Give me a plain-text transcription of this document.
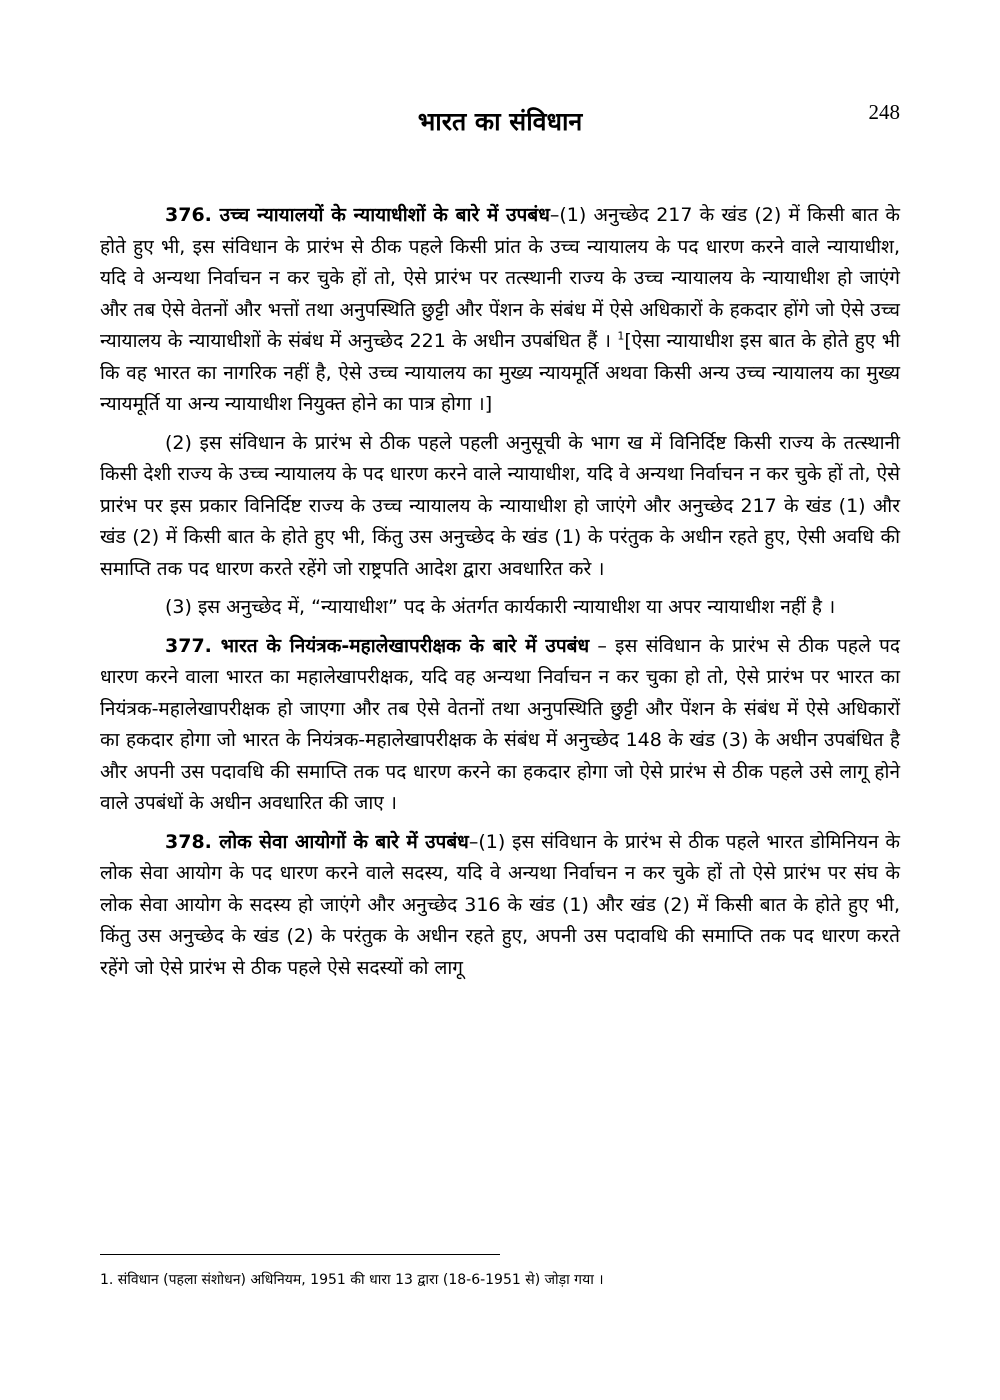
भारत का संविधान	248

376. उच्च न्यायालयों के न्यायाधीशों के बारे में उपबंध–(1) अनुच्छेद 217 के खंड (2) में किसी बात के होते हुए भी, इस संविधान के प्रारंभ से ठीक पहले किसी प्रांत के उच्च न्यायालय के पद धारण करने वाले न्यायाधीश, यदि वे अन्यथा निर्वाचन न कर चुके हों तो, ऐसे प्रारंभ पर तत्स्थानी राज्य के उच्च न्यायालय के न्यायाधीश हो जाएंगे और तब ऐसे वेतनों और भत्तों तथा अनुपस्थिति छुट्टी और पेंशन के संबंध में ऐसे अधिकारों के हकदार होंगे जो ऐसे उच्च न्यायालय के न्यायाधीशों के संबंध में अनुच्छेद 221 के अधीन उपबंधित हैं । $^1$[ऐसा न्यायाधीश इस बात के होते हुए भी कि वह भारत का नागरिक नहीं है, ऐसे उच्च न्यायालय का मुख्य न्यायमूर्ति अथवा किसी अन्य उच्च न्यायालय का मुख्य न्यायमूर्ति या अन्य न्यायाधीश नियुक्त होने का पात्र होगा ।]

(2) इस संविधान के प्रारंभ से ठीक पहले पहली अनुसूची के भाग ख में विनिर्दिष्ट किसी राज्य के तत्स्थानी किसी देशी राज्य के उच्च न्यायालय के पद धारण करने वाले न्यायाधीश, यदि वे अन्यथा निर्वाचन न कर चुके हों तो, ऐसे प्रारंभ पर इस प्रकार विनिर्दिष्ट राज्य के उच्च न्यायालय के न्यायाधीश हो जाएंगे और अनुच्छेद 217 के खंड (1) और खंड (2) में किसी बात के होते हुए भी, किंतु उस अनुच्छेद के खंड (1) के परंतुक के अधीन रहते हुए, ऐसी अवधि की समाप्ति तक पद धारण करते रहेंगे जो राष्ट्रपति आदेश द्वारा अवधारित करे ।

(3) इस अनुच्छेद में, “न्यायाधीश” पद के अंतर्गत कार्यकारी न्यायाधीश या अपर न्यायाधीश नहीं है ।

377. भारत के नियंत्रक-महालेखापरीक्षक के बारे में उपबंध – इस संविधान के प्रारंभ से ठीक पहले पद धारण करने वाला भारत का महालेखापरीक्षक, यदि वह अन्यथा निर्वाचन न कर चुका हो तो, ऐसे प्रारंभ पर भारत का नियंत्रक-महालेखापरीक्षक हो जाएगा और तब ऐसे वेतनों तथा अनुपस्थिति छुट्टी और पेंशन के संबंध में ऐसे अधिकारों का हकदार होगा जो भारत के नियंत्रक-महालेखापरीक्षक के संबंध में अनुच्छेद 148 के खंड (3) के अधीन उपबंधित है और अपनी उस पदावधि की समाप्ति तक पद धारण करने का हकदार होगा जो ऐसे प्रारंभ से ठीक पहले उसे लागू होने वाले उपबंधों के अधीन अवधारित की जाए ।

378. लोक सेवा आयोगों के बारे में उपबंध–(1) इस संविधान के प्रारंभ से ठीक पहले भारत डोमिनियन के लोक सेवा आयोग के पद धारण करने वाले सदस्य, यदि वे अन्यथा निर्वाचन न कर चुके हों तो ऐसे प्रारंभ पर संघ के लोक सेवा आयोग के सदस्य हो जाएंगे और अनुच्छेद 316 के खंड (1) और खंड (2) में किसी बात के होते हुए भी, किंतु उस अनुच्छेद के खंड (2) के परंतुक के अधीन रहते हुए, अपनी उस पदावधि की समाप्ति तक पद धारण करते रहेंगे जो ऐसे प्रारंभ से ठीक पहले ऐसे सदस्यों को लागू

1. संविधान (पहला संशोधन) अधिनियम, 1951 की धारा 13 द्वारा (18-6-1951 से) जोड़ा गया ।
